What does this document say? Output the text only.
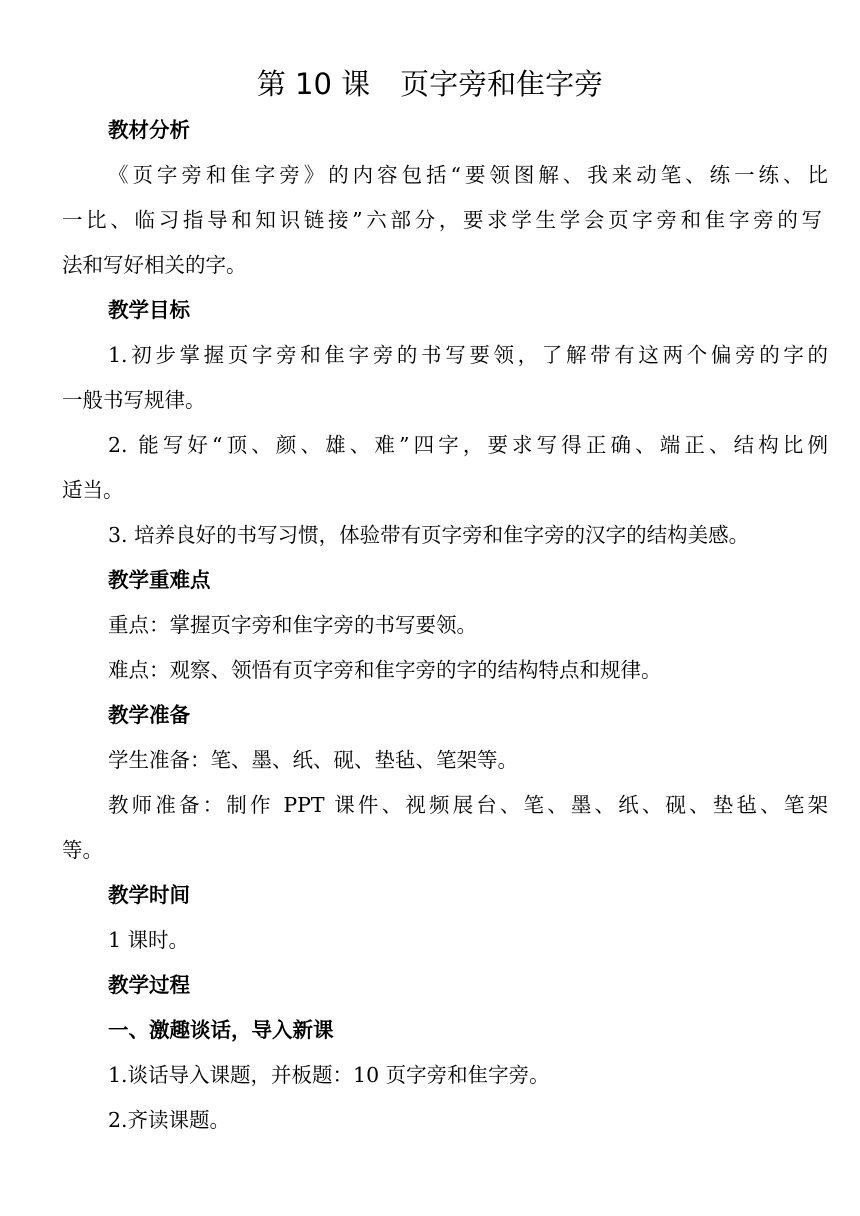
第 10 课 页字旁和隹字旁
教材分析
《页字旁和隹字旁》的内容包括“要领图解、我来动笔、练一练、比
一比、临习指导和知识链接”六部分，要求学生学会页字旁和隹字旁的写
法和写好相关的字。
教学目标
1.初步掌握页字旁和隹字旁的书写要领，了解带有这两个偏旁的字的
一般书写规律。
2. 能写好“顶、颜、雄、难”四字，要求写得正确、端正、结构比例
适当。
3. 培养良好的书写习惯，体验带有页字旁和隹字旁的汉字的结构美感。
教学重难点
重点：掌握页字旁和隹字旁的书写要领。
难点：观察、领悟有页字旁和隹字旁的字的结构特点和规律。
教学准备
学生准备：笔、墨、纸、砚、垫毡、笔架等。
教师准备：制作 PPT 课件、视频展台、笔、墨、纸、砚、垫毡、笔架
等。
教学时间
1 课时。
教学过程
一、激趣谈话，导入新课
1.谈话导入课题，并板题：10 页字旁和隹字旁。
2.齐读课题。
